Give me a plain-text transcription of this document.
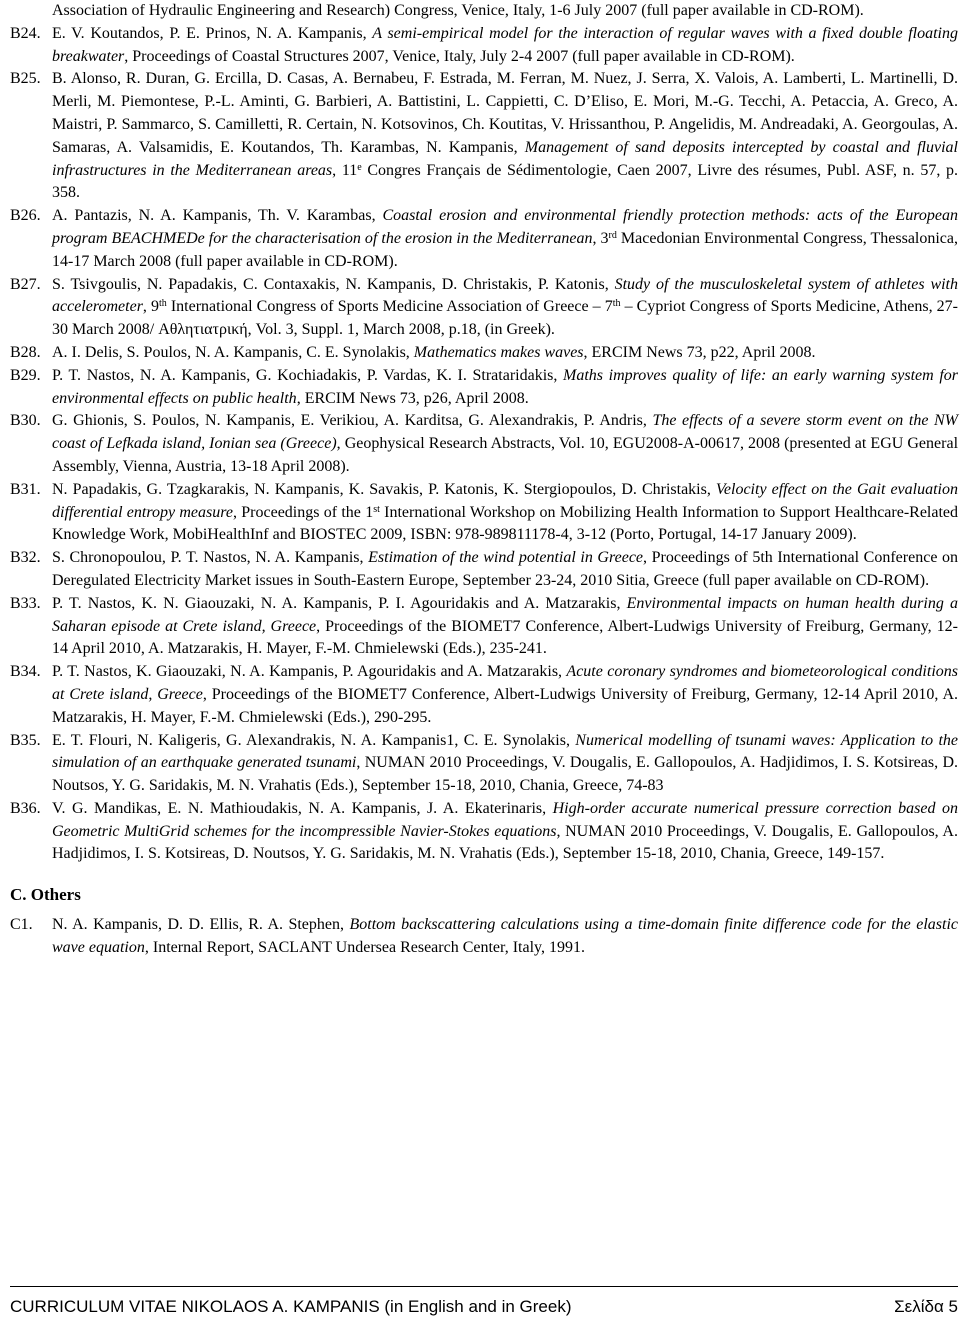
Association of Hydraulic Engineering and Research) Congress, Venice, Italy, 1-6 July 2007 (full paper available in CD-ROM).
B24. E. V. Koutandos, P. E. Prinos, N. A. Kampanis, A semi-empirical model for the interaction of regular waves with a fixed double floating breakwater, Proceedings of Coastal Structures 2007, Venice, Italy, July 2-4 2007 (full paper available in CD-ROM).
B25. B. Alonso, R. Duran, G. Ercilla, D. Casas, A. Bernabeu, F. Estrada, M. Ferran, M. Nuez, J. Serra, X. Valois, A. Lamberti, L. Martinelli, D. Merli, M. Piemontese, P.-L. Aminti, G. Barbieri, A. Battistini, L. Cappietti, C. D’Eliso, E. Mori, M.-G. Tecchi, A. Petaccia, A. Greco, A. Maistri, P. Sammarco, S. Camilletti, R. Certain, N. Kotsovinos, Ch. Koutitas, V. Hrissanthou, P. Angelidis, M. Andreadaki, A. Georgoulas, A. Samaras, A. Valsamidis, E. Koutandos, Th. Karambas, N. Kampanis, Management of sand deposits intercepted by coastal and fluvial infrastructures in the Mediterranean areas, 11e Congres Français de Sédimentologie, Caen 2007, Livre des résumes, Publ. ASF, n. 57, p. 358.
B26. A. Pantazis, N. A. Kampanis, Th. V. Karambas, Coastal erosion and environmental friendly protection methods: acts of the European program BEACHMEDe for the characterisation of the erosion in the Mediterranean, 3rd Macedonian Environmental Congress, Thessalonica, 14-17 March 2008 (full paper available in CD-ROM).
B27. S. Tsivgoulis, N. Papadakis, C. Contaxakis, N. Kampanis, D. Christakis, P. Katonis, Study of the musculoskeletal system of athletes with accelerometer, 9th International Congress of Sports Medicine Association of Greece – 7th – Cypriot Congress of Sports Medicine, Athens, 27-30 March 2008/ Αθλητιατρική, Vol. 3, Suppl. 1, March 2008, p.18, (in Greek).
B28. A. I. Delis, S. Poulos, N. A. Kampanis, C. E. Synolakis, Mathematics makes waves, ERCIM News 73, p22, April 2008.
B29. P. T. Nastos, N. A. Kampanis, G. Kochiadakis, P. Vardas, K. I. Strataridakis, Maths improves quality of life: an early warning system for environmental effects on public health, ERCIM News 73, p26, April 2008.
B30. G. Ghionis, S. Poulos, N. Kampanis, E. Verikiou, A. Karditsa, G. Alexandrakis, P. Andris, The effects of a severe storm event on the NW coast of Lefkada island, Ionian sea (Greece), Geophysical Research Abstracts, Vol. 10, EGU2008-A-00617, 2008 (presented at EGU General Assembly, Vienna, Austria, 13-18 April 2008).
B31. N. Papadakis, G. Tzagkarakis, N. Kampanis, K. Savakis, P. Katonis, K. Stergiopoulos, D. Christakis, Velocity effect on the Gait evaluation differential entropy measure, Proceedings of the 1st International Workshop on Mobilizing Health Information to Support Healthcare-Related Knowledge Work, MobiHealthInf and BIOSTEC 2009, ISBN: 978-989811178-4, 3-12 (Porto, Portugal, 14-17 January 2009).
B32. S. Chronopoulou, P. T. Nastos, N. A. Kampanis, Estimation of the wind potential in Greece, Proceedings of 5th International Conference on Deregulated Electricity Market issues in South-Eastern Europe, September 23-24, 2010 Sitia, Greece (full paper available on CD-ROM).
B33. P. T. Nastos, K. N. Giaouzaki, N. A. Kampanis, P. I. Agouridakis and A. Matzarakis, Environmental impacts on human health during a Saharan episode at Crete island, Greece, Proceedings of the BIOMET7 Conference, Albert-Ludwigs University of Freiburg, Germany, 12-14 April 2010, A. Matzarakis, H. Mayer, F.-M. Chmielewski (Eds.), 235-241.
B34. P. T. Nastos, K. Giaouzaki, N. A. Kampanis, P. Agouridakis and A. Matzarakis, Acute coronary syndromes and biometeorological conditions at Crete island, Greece, Proceedings of the BIOMET7 Conference, Albert-Ludwigs University of Freiburg, Germany, 12-14 April 2010, A. Matzarakis, H. Mayer, F.-M. Chmielewski (Eds.), 290-295.
B35. E. T. Flouri, N. Kaligeris, G. Alexandrakis, N. A. Kampanis1, C. E. Synolakis, Numerical modelling of tsunami waves: Application to the simulation of an earthquake generated tsunami, NUMAN 2010 Proceedings, V. Dougalis, E. Gallopoulos, A. Hadjidimos, I. S. Kotsireas, D. Noutsos, Y. G. Saridakis, M. N. Vrahatis (Eds.), September 15-18, 2010, Chania, Greece, 74-83
B36. V. G. Mandikas, E. N. Mathioudakis, N. A. Kampanis, J. A. Ekaterinaris, High-order accurate numerical pressure correction based on Geometric MultiGrid schemes for the incompressible Navier-Stokes equations, NUMAN 2010 Proceedings, V. Dougalis, E. Gallopoulos, A. Hadjidimos, I. S. Kotsireas, D. Noutsos, Y. G. Saridakis, M. N. Vrahatis (Eds.), September 15-18, 2010, Chania, Greece, 149-157.
C. Others
C1.	N. A. Kampanis, D. D. Ellis, R. A. Stephen, Bottom backscattering calculations using a time-domain finite difference code for the elastic wave equation, Internal Report, SACLANT Undersea Research Center, Italy, 1991.
CURRICULUM VITAE NIKOLAOS A. KAMPANIS (in English and in Greek)	Σελίδα 5
